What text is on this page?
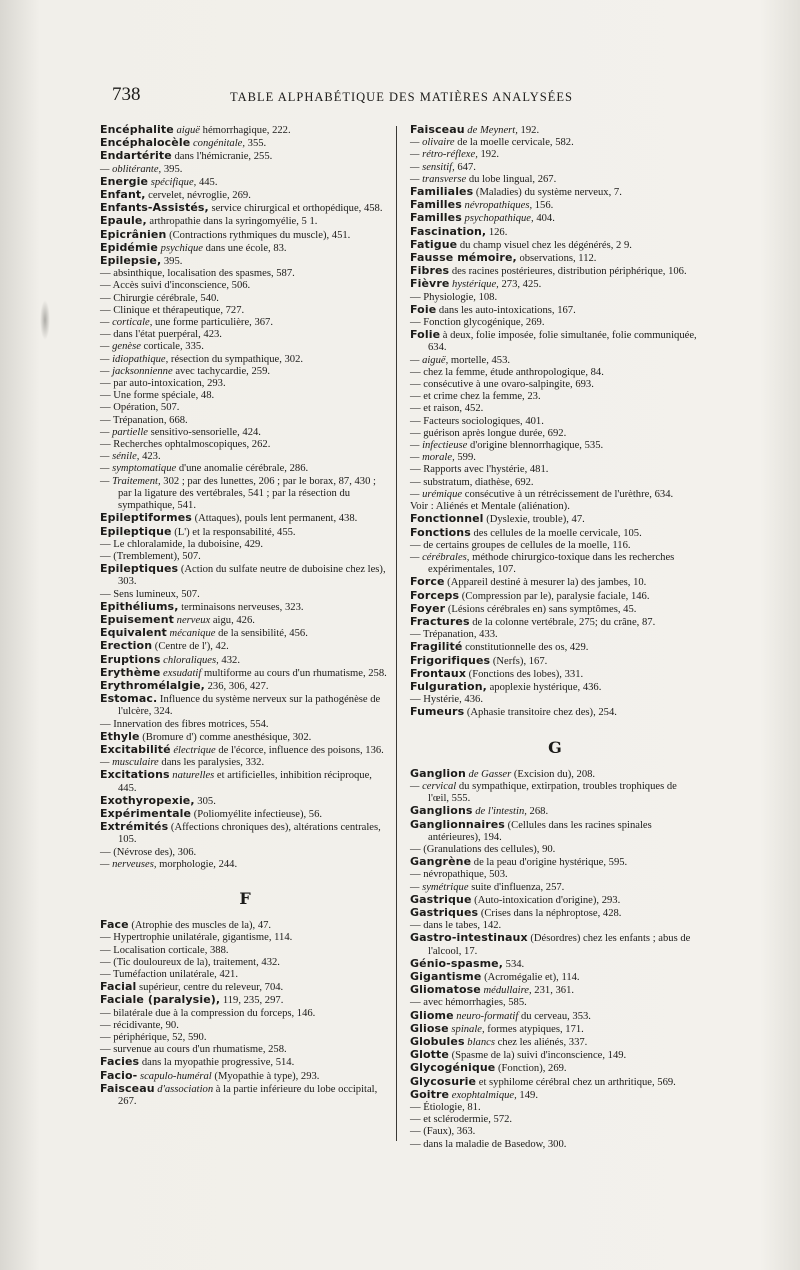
738	TABLE ALPHABÉTIQUE DES MATIÈRES ANALYSÉES

Encéphalite aiguë hémorrhagique, 222.

Encéphalocèle congénitale, 355.

Endartérite dans l'hémicranie, 255.

— oblitérante, 395.

Energie spécifique, 445.

Enfant, cervelet, névroglie, 269.

Enfants-Assistés, service chirurgical et orthopédique, 458.

Epaule, arthropathie dans la syringomyélie, 5 1.

Epicrânien (Contractions rythmiques du muscle), 451.

Epidémie psychique dans une école, 83.

Epilepsie, 395.

— absinthique, localisation des spasmes, 587.

— Accès suivi d'inconscience, 506.

— Chirurgie cérébrale, 540.

— Clinique et thérapeutique, 727.

— corticale, une forme particulière, 367.

— dans l'état puerpéral, 423.

— genèse corticale, 335.

— idiopathique, résection du sympathique, 302.

— jacksonnienne avec tachycardie, 259.

— par auto-intoxication, 293.

— Une forme spéciale, 48.

— Opération, 507.

— Trépanation, 668.

— partielle sensitivo-sensorielle, 424.

— Recherches ophtalmoscopiques, 262.

— sénile, 423.

— symptomatique d'une anomalie cérébrale, 286.

— Traitement, 302 ; par des lunettes, 206 ; par le borax, 87, 430 ; par la ligature des vertébrales, 541 ; par la résection du sympathique, 541.

Epileptiformes (Attaques), pouls lent permanent, 438.

Epileptique (L') et la responsabilité, 455.

— Le chloralamide, la duboisine, 429.

— (Tremblement), 507.

Epileptiques (Action du sulfate neutre de duboisine chez les), 303.

— Sens lumineux, 507.

Epithéliums, terminaisons nerveuses, 323.

Epuisement nerveux aigu, 426.

Equivalent mécanique de la sensibilité, 456.

Erection (Centre de l'), 42.

Eruptions chloraliques, 432.

Erythème exsudatif multiforme au cours d'un rhumatisme, 258.

Erythromélalgie, 236, 306, 427.

Estomac. Influence du système nerveux sur la pathogénèse de l'ulcère, 324.

— Innervation des fibres motrices, 554.

Ethyle (Bromure d') comme anesthésique, 302.

Excitabilité électrique de l'écorce, influence des poisons, 136.

— musculaire dans les paralysies, 332.

Excitations naturelles et artificielles, inhibition réciproque, 445.

Exothyropexie, 305.

Expérimentale (Poliomyélite infectieuse), 56.

Extrémités (Affections chroniques des), altérations centrales, 105.

— (Névrose des), 306.

— nerveuses, morphologie, 244.

F

Face (Atrophie des muscles de la), 47.

— Hypertrophie unilatérale, gigantisme, 114.

— Localisation corticale, 388.

— (Tic douloureux de la), traitement, 432.

— Tuméfaction unilatérale, 421.

Facial supérieur, centre du releveur, 704.

Faciale (paralysie), 119, 235, 297.

— bilatérale due à la compression du forceps, 146.

— récidivante, 90.

— périphérique, 52, 590.

— survenue au cours d'un rhumatisme, 258.

Facies dans la myopathie progressive, 514.

Facio- scapulo-huméral (Myopathie à type), 293.

Faisceau d'association à la partie inférieure du lobe occipital, 267.

Faisceau de Meynert, 192.

— olivaire de la moelle cervicale, 582.

— rétro-réflexe, 192.

— sensitif, 647.

— transverse du lobe lingual, 267.

Familiales (Maladies) du système nerveux, 7.

Familles névropathiques, 156.

Familles psychopathique, 404.

Fascination, 126.

Fatigue du champ visuel chez les dégénérés, 2 9.

Fausse mémoire, observations, 112.

Fibres des racines postérieures, distribution périphérique, 106.

Fièvre hystérique, 273, 425.

— Physiologie, 108.

Foie dans les auto-intoxications, 167.

— Fonction glycogénique, 269.

Folie à deux, folie imposée, folie simultanée, folie communiquée, 634.

— aiguë, mortelle, 453.

— chez la femme, étude anthropologique, 84.

— consécutive à une ovaro-salpingite, 693.

— et crime chez la femme, 23.

— et raison, 452.

— Facteurs sociologiques, 401.

— guérison après longue durée, 692.

— infectieuse d'origine blennorrhagique, 535.

— morale, 599.

— Rapports avec l'hystérie, 481.

— substratum, diathèse, 692.

— urémique consécutive à un rétrécissement de l'urèthre, 634.

Voir : Aliénés et Mentale (aliénation).

Fonctionnel (Dyslexie, trouble), 47.

Fonctions des cellules de la moelle cervicale, 105.

— de certains groupes de cellules de la moelle, 116.

— cérébrales, méthode chirurgico-toxique dans les recherches expérimentales, 107.

Force (Appareil destiné à mesurer la) des jambes, 10.

Forceps (Compression par le), paralysie faciale, 146.

Foyer (Lésions cérébrales en) sans symptômes, 45.

Fractures de la colonne vertébrale, 275; du crâne, 87.

— Trépanation, 433.

Fragilité constitutionnelle des os, 429.

Frigorifiques (Nerfs), 167.

Frontaux (Fonctions des lobes), 331.

Fulguration, apoplexie hystérique, 436.

— Hystérie, 436.

Fumeurs (Aphasie transitoire chez des), 254.

G

Ganglion de Gasser (Excision du), 208.

— cervical du sympathique, extirpation, troubles trophiques de l'œil, 555.

Ganglions de l'intestin, 268.

Ganglionnaires (Cellules dans les racines spinales antérieures), 194.

— (Granulations des cellules), 90.

Gangrène de la peau d'origine hystérique, 595.

— névropathique, 503.

— symétrique suite d'influenza, 257.

Gastrique (Auto-intoxication d'origine), 293.

Gastriques (Crises dans la néphroptose, 428.

— dans le tabes, 142.

Gastro-intestinaux (Désordres) chez les enfants ; abus de l'alcool, 17.

Génio-spasme, 534.

Gigantisme (Acromégalie et), 114.

Gliomatose médullaire, 231, 361.

— avec hémorrhagies, 585.

Gliome neuro-formatif du cerveau, 353.

Gliose spinale, formes atypiques, 171.

Globules blancs chez les aliénés, 337.

Glotte (Spasme de la) suivi d'inconscience, 149.

Glycogénique (Fonction), 269.

Glycosurie et syphilome cérébral chez un arthritique, 569.

Goitre exophtalmique, 149.

— Étiologie, 81.

— et sclérodermie, 572.

— (Faux), 363.

— dans la maladie de Basedow, 300.
